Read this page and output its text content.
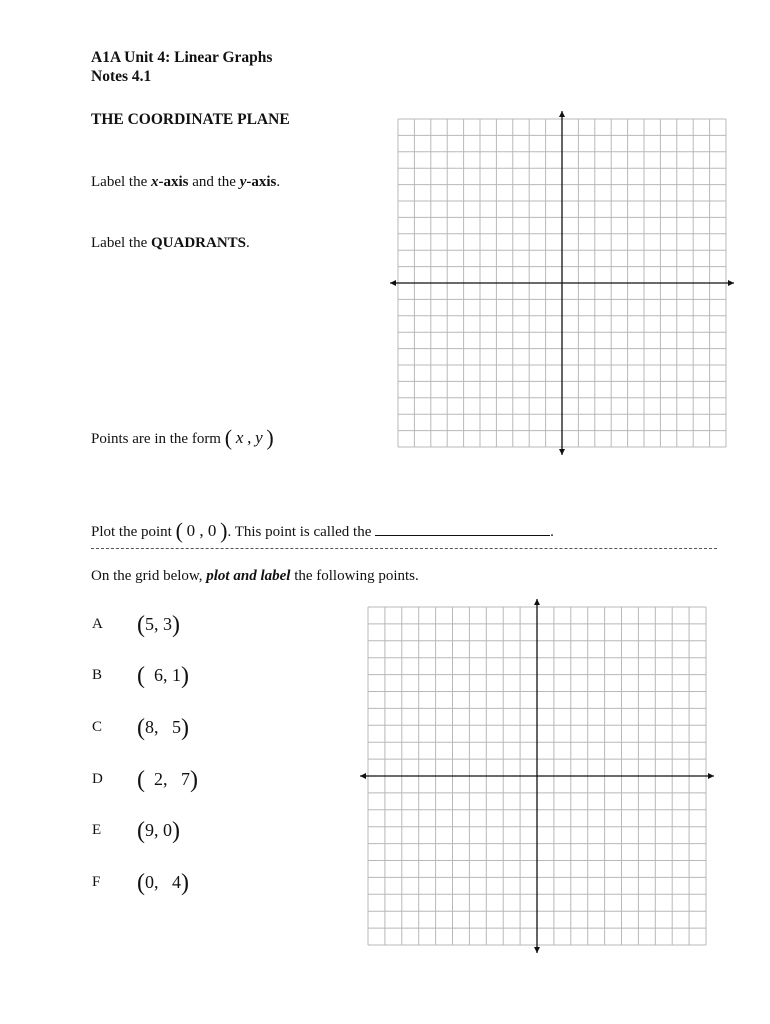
A1A Unit 4: Linear Graphs
Notes 4.1
THE COORDINATE PLANE
Label the x-axis and the y-axis.
Label the QUADRANTS.
Points are in the form ( x , y )
Plot the point ( 0 , 0 ). This point is called the	.
On the grid below, plot and label the following points.
A (5, 3)
B (  6, 1)
C (8,   5)
D (  2,   7)
E (9, 0)
F (0,   4)
